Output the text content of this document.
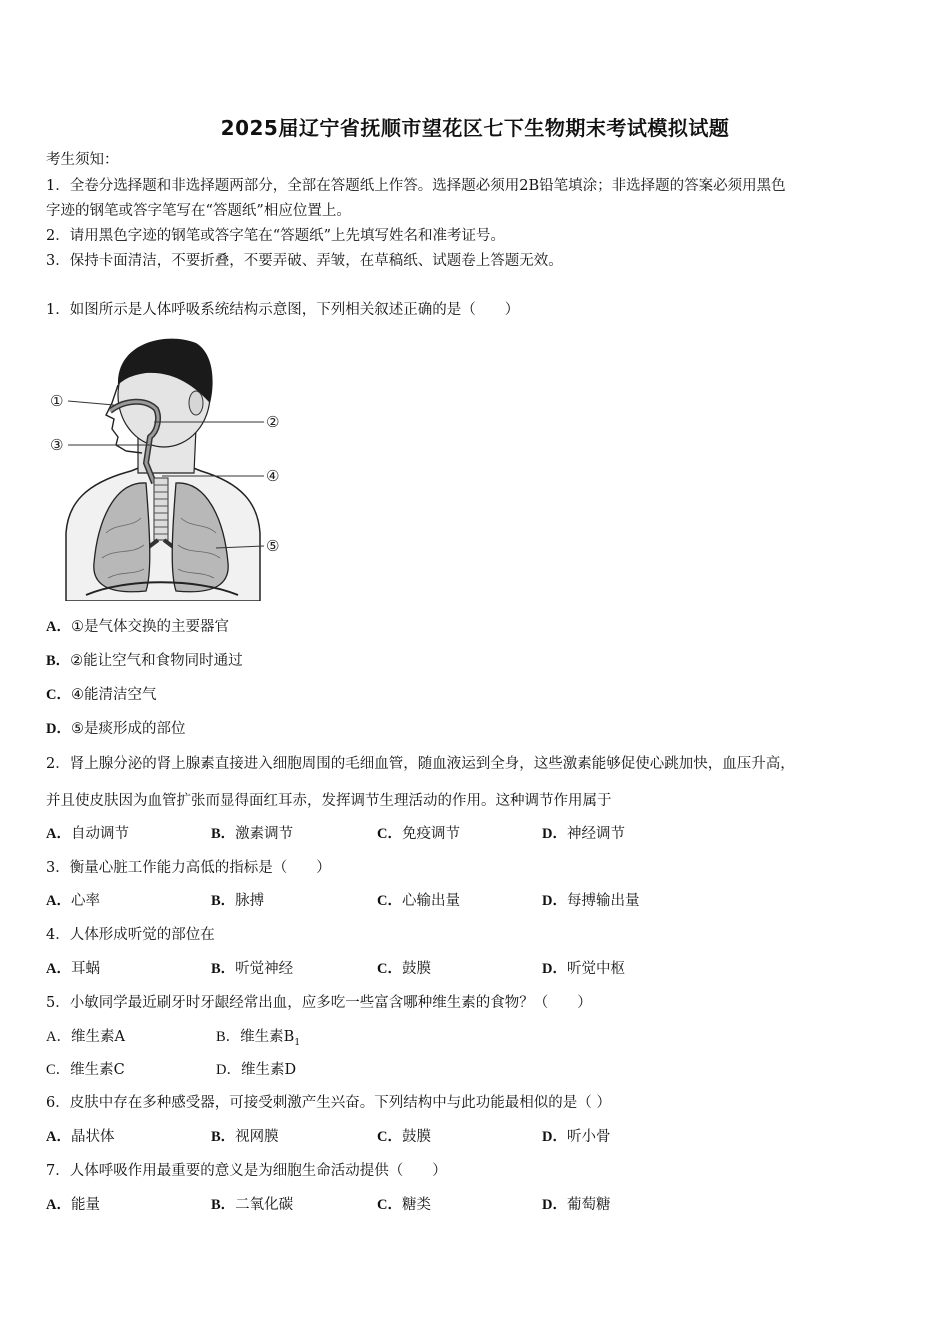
2025届辽宁省抚顺市望花区七下生物期末考试模拟试题
考生须知：
1．全卷分选择题和非选择题两部分，全部在答题纸上作答。选择题必须用2B铅笔填涂；非选择题的答案必须用黑色
字迹的钢笔或答字笔写在“答题纸”相应位置上。
2．请用黑色字迹的钢笔或答字笔在“答题纸”上先填写姓名和准考证号。
3．保持卡面清洁，不要折叠，不要弄破、弄皱，在草稿纸、试题卷上答题无效。
1．如图所示是人体呼吸系统结构示意图，下列相关叙述正确的是（　　）
①
②
③
④
⑤
A．①是气体交换的主要器官
B．②能让空气和食物同时通过
C．④能清洁空气
D．⑤是痰形成的部位
2．肾上腺分泌的肾上腺素直接进入细胞周围的毛细血管，随血液运到全身，这些激素能够促使心跳加快，血压升高，
并且使皮肤因为血管扩张而显得面红耳赤，发挥调节生理活动的作用。这种调节作用属于
A．自动调节	B．激素调节	C．免疫调节	D．神经调节
3．衡量心脏工作能力高低的指标是（　　）
A．心率	B．脉搏	C．心输出量	D．每搏输出量
4．人体形成听觉的部位在
A．耳蜗	B．听觉神经	C．鼓膜	D．听觉中枢
5．小敏同学最近刷牙时牙龈经常出血，应多吃一些富含哪种维生素的食物？（　　）
A．维生素A	B．维生素$B_1$
C．维生素C	D．维生素D
6．皮肤中存在多种感受器，可接受刺激产生兴奋。下列结构中与此功能最相似的是（ ）
A．晶状体	B．视网膜	C．鼓膜	D．听小骨
7．人体呼吸作用最重要的意义是为细胞生命活动提供（　　）
A．能量	B．二氧化碳	C．糖类	D．葡萄糖
